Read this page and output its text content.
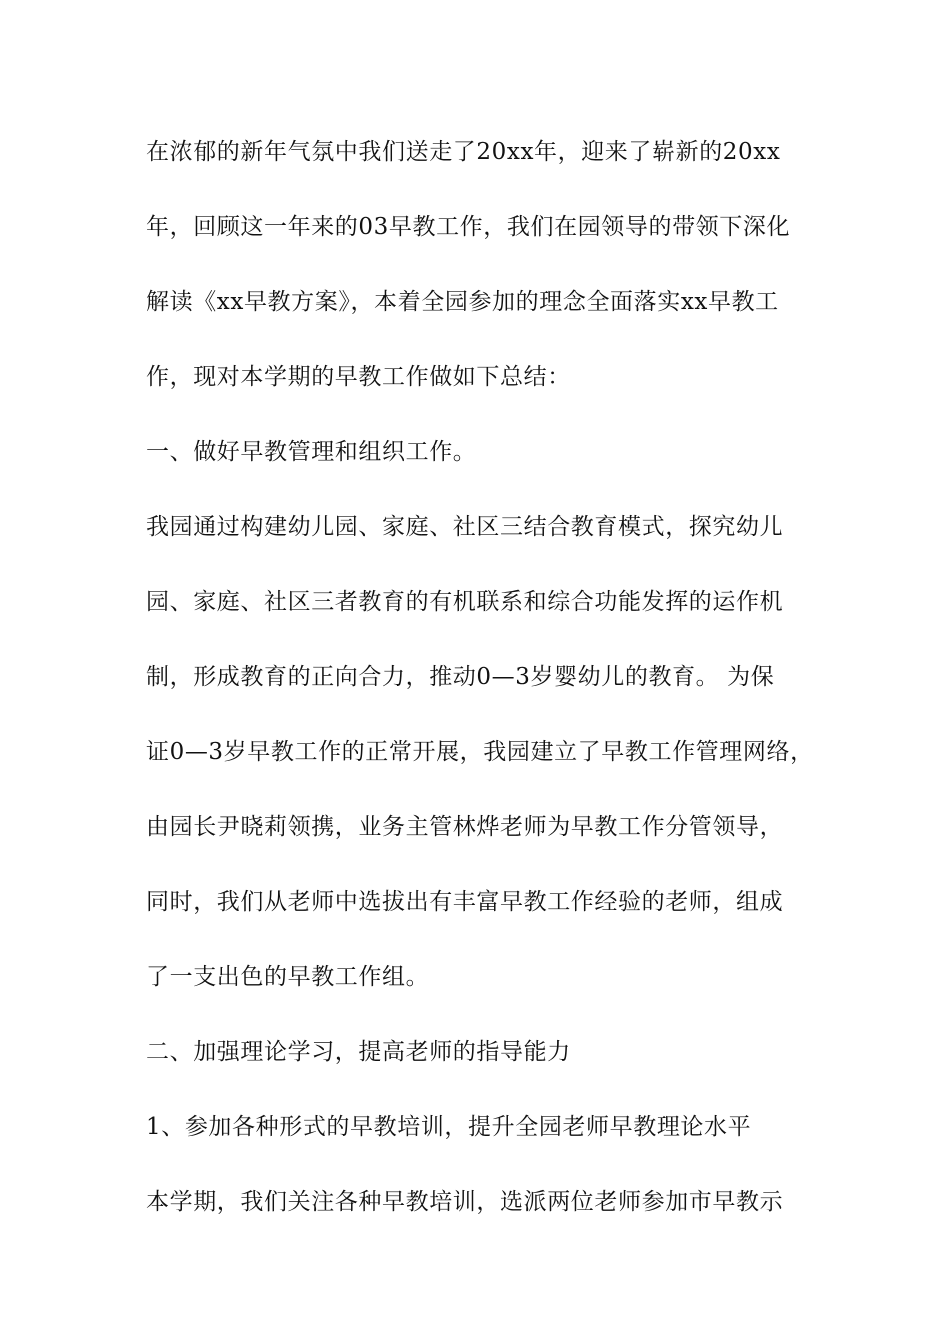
在浓郁的新年气氛中我们送走了20xx年，迎来了崭新的20xx
年，回顾这一年来的03早教工作，我们在园领导的带领下深化
解读《xx早教方案》，本着全园参加的理念全面落实xx早教工
作，现对本学期的早教工作做如下总结：
一、做好早教管理和组织工作。
我园通过构建幼儿园、家庭、社区三结合教育模式，探究幼儿
园、家庭、社区三者教育的有机联系和综合功能发挥的运作机
制，形成教育的正向合力，推动0—3岁婴幼儿的教育。 为保
证0—3岁早教工作的正常开展，我园建立了早教工作管理网络，
由园长尹晓莉领携，业务主管林烨老师为早教工作分管领导，
同时，我们从老师中选拔出有丰富早教工作经验的老师，组成
了一支出色的早教工作组。
二、加强理论学习，提高老师的指导能力
1、参加各种形式的早教培训，提升全园老师早教理论水平
本学期，我们关注各种早教培训，选派两位老师参加市早教示
